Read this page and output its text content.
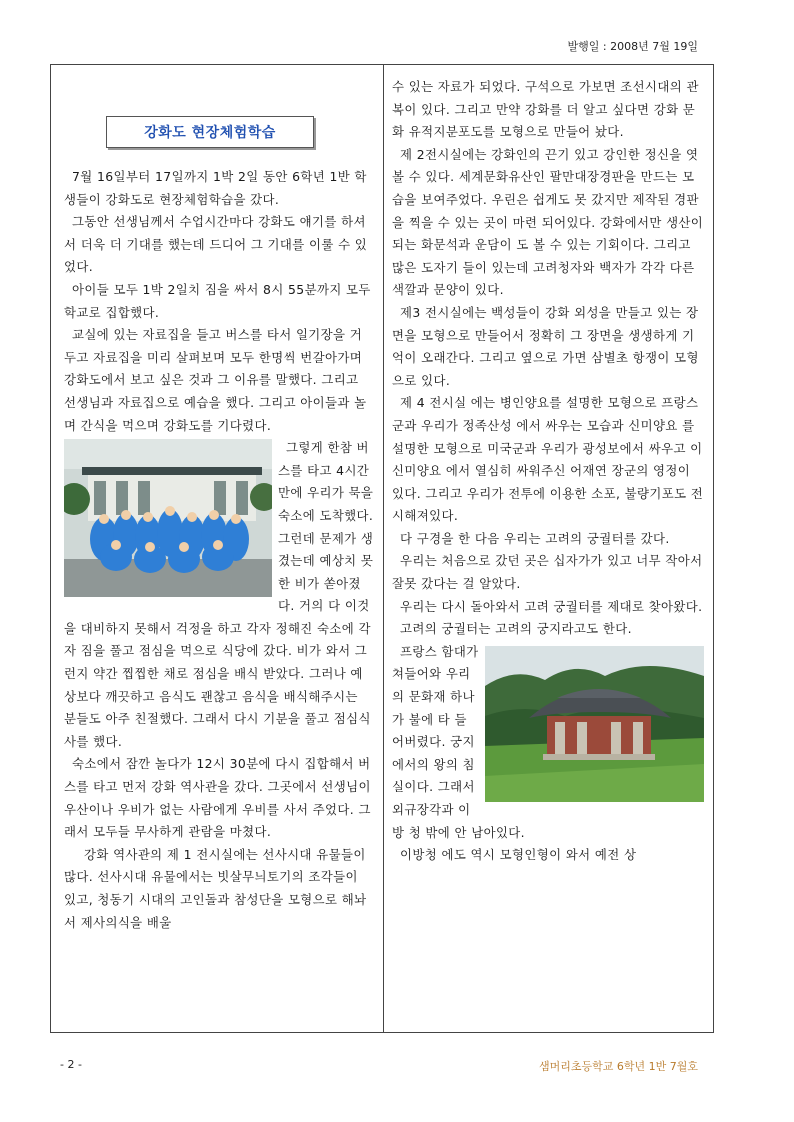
발행일 : 2008년 7월 19일
강화도 현장체험학습

7월 16일부터 17일까지 1박 2일 동안 6학년 1반 학생들이 강화도로 현장체험학습을 갔다.

그동안 선생님께서 수업시간마다 강화도 얘기를 하셔서 더욱 더 기대를 했는데 드디어 그 기대를 이룰 수 있었다.

아이들 모두 1박 2일치 짐을 싸서 8시 55분까지 모두 학교로 집합했다.

교실에 있는 자료집을 들고 버스를 타서 일기장을 거두고 자료집을 미리 살펴보며 모두 한명씩 번갈아가며 강화도에서 보고 싶은 것과 그 이유를 말했다. 그리고 선생님과 자료집으로 예습을 했다. 그리고 아이들과 놀며 간식을 먹으며 강화도를 기다렸다.

그렇게 한참 버스를 타고 4시간 만에 우리가 묵을 숙소에 도착했다. 그런데 문제가 생겼는데 예상치 못한 비가 쏟아졌다. 거의 다 이것을 대비하지 못해서 걱정을 하고 각자 정해진 숙소에 각자 짐을 풀고 점심을 먹으로 식당에 갔다. 비가 와서 그런지 약간 찝찝한 채로 점심을 배식 받았다. 그러나 예상보다 깨끗하고 음식도 괜찮고 음식을 배식해주시는 분들도 아주 친절했다. 그래서 다시 기분을 풀고 점심식사를 했다.

숙소에서 잠깐 놀다가 12시 30분에 다시 집합해서 버스를 타고 먼저 강화 역사관을 갔다. 그곳에서 선생님이 우산이나 우비가 없는 사람에게 우비를 사서 주었다. 그래서 모두들 무사하게 관람을 마쳤다.

강화 역사관의 제 1 전시실에는 선사시대 유물들이 많다. 선사시대 유물에서는 빗살무늬토기의 조각들이 있고, 청동기 시대의 고인돌과 참성단을 모형으로 해놔서 제사의식을 배울

수 있는 자료가 되었다. 구석으로 가보면 조선시대의 관복이 있다. 그리고 만약 강화를 더 알고 싶다면 강화 문화 유적지분포도를 모형으로 만들어 놨다.

제 2전시실에는 강화인의 끈기 있고 강인한 정신을 엿 볼 수 있다. 세계문화유산인 팔만대장경판을 만드는 모습을 보여주었다. 우린은 쉽게도 못 갔지만 제작된 경판을 찍을 수 있는 곳이 마련 되어있다. 강화에서만 생산이 되는 화문석과 운담이 도 볼 수 있는 기회이다. 그리고 많은 도자기 들이 있는데 고려청자와 백자가 각각 다른 색깔과 문양이 있다.

제3 전시실에는 백성들이 강화 외성을 만들고 있는 장면을 모형으로 만들어서 정확히 그 장면을 생생하게 기억이 오래간다. 그리고 옆으로 가면 삼별초 항쟁이 모형으로 있다.

제 4 전시실 에는 병인양요를 설명한 모형으로 프랑스군과 우리가 정족산성 에서 싸우는 모습과 신미양요 를 설명한 모형으로 미국군과 우리가 광성보에서 싸우고 이 신미양요 에서 열심히 싸워주신 어재연 장군의 영정이 있다. 그리고 우리가 전투에 이용한 소포, 불량기포도 전시해져있다.

다 구경을 한 다음 우리는 고려의 궁궐터를 갔다.

우리는 처음으로 갔던 곳은 십자가가 있고 너무 작아서 잘못 갔다는 걸 알았다.

우리는 다시 돌아와서 고려 궁궐터를 제대로 찾아왔다.

고려의 궁궐터는 고려의 궁지라고도 한다.

프랑스 함대가 쳐들어와 우리의 문화재 하나가 불에 타 들어버렸다. 궁지에서의 왕의 침실이다. 그래서 외규장각과 이방 청 밖에 안 남아있다.

이방청 에도 역시 모형인형이 와서 예전 상

- 2 -	샘머리초등학교 6학년 1반 7월호
